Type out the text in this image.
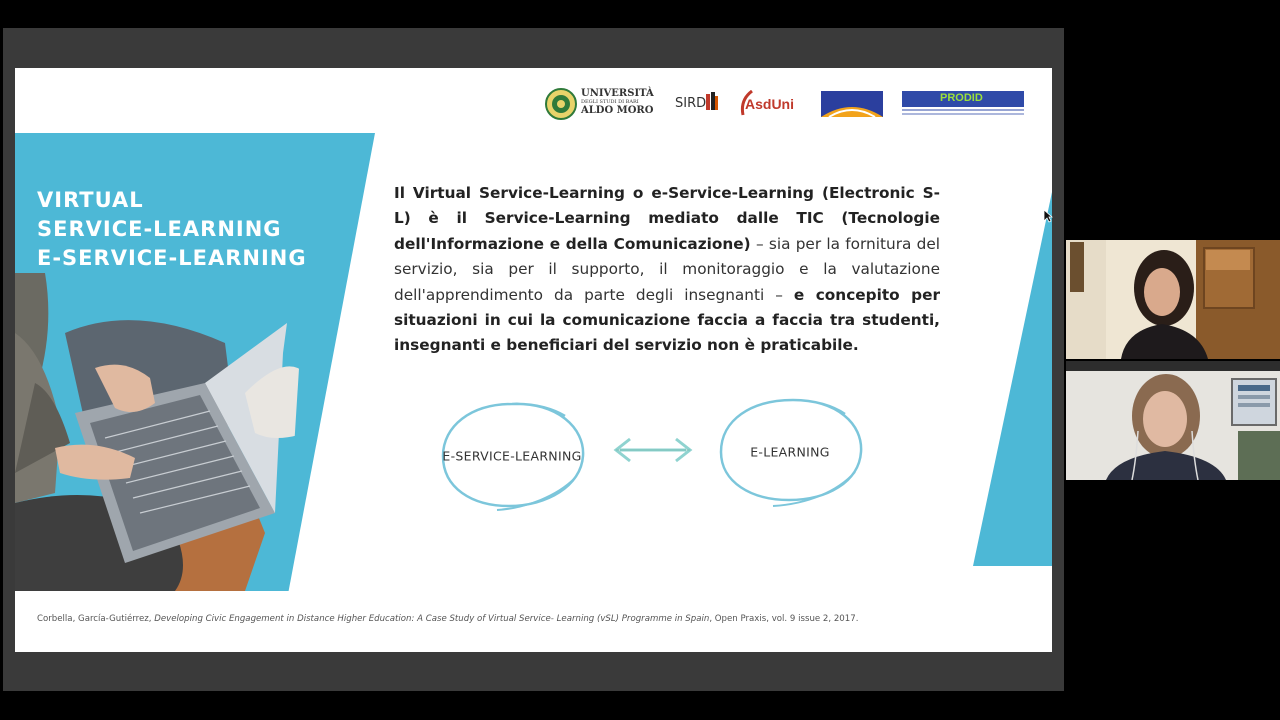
VIRTUAL
SERVICE-LEARNING
E-SERVICE-LEARNING
UNIVERSITÀ
DEGLI STUDI DI BARI
ALDO MORO SIRD	AsdUni	PRODID

Il Virtual Service-Learning o e-Service-Learning (Electronic S-L) è il Service-Learning mediato dalle TIC (Tecnologie dell'Informazione e della Comunicazione) – sia per la fornitura del servizio, sia per il supporto, il monitoraggio e la valutazione dell'apprendimento da parte degli insegnanti – e concepito per situazioni in cui la comunicazione faccia a faccia tra studenti, insegnanti e beneficiari del servizio non è praticabile.

E-SERVICE-LEARNING	E-LEARNING
Corbella, García-Gutiérrez, Developing Civic Engagement in Distance Higher Education: A Case Study of Virtual Service- Learning (vSL) Programme in Spain, Open Praxis, vol. 9 issue 2, 2017.
